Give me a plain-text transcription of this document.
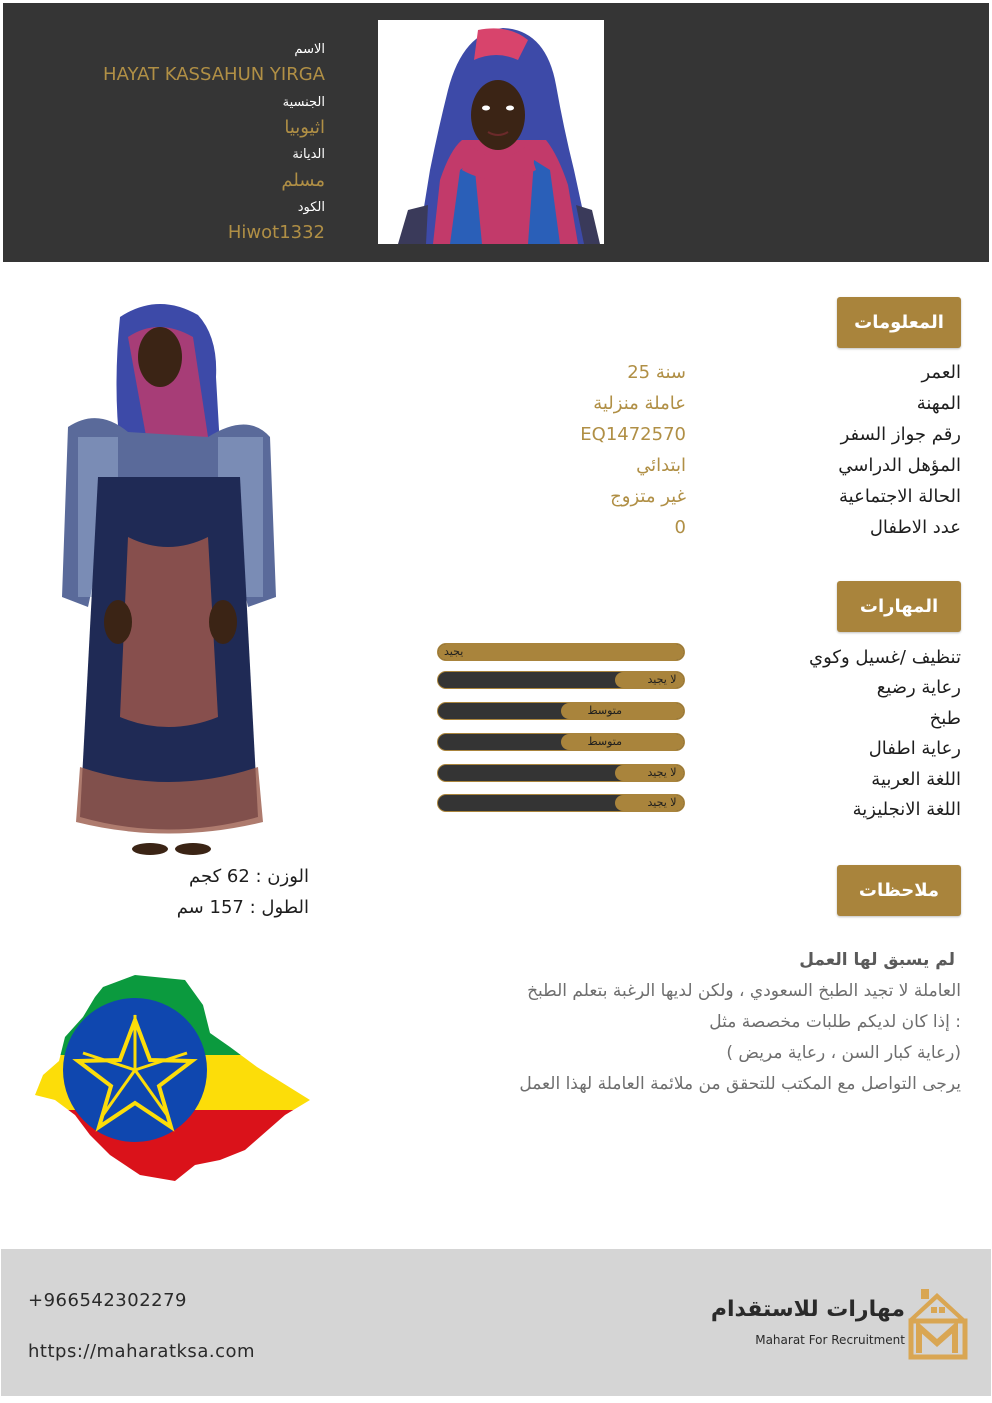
الاسم
HAYAT KASSAHUN YIRGA
الجنسية
اثيوبيا
الديانة
مسلم
الكود
Hiwot1332
المعلومات
العمر
25 سنة
المهنة
عاملة منزلية
رقم جواز السفر
EQ1472570
المؤهل الدراسي
ابتدائي
الحالة الاجتماعية
غير متزوج
عدد الاطفال
0
المهارات
تنظيف /غسيل وكوي
يجيد
رعاية رضيع
لا يجيد
طبخ
متوسط
رعاية اطفال
متوسط
اللغة العربية
لا يجيد
اللغة الانجليزية
لا يجيد
ملاحظات
لم يسبق لها العمل
العاملة لا تجيد الطبخ السعودي ، ولكن لديها الرغبة بتعلم الطبخ
إذا كان لديكم طلبات مخصصة مثل :
( رعاية كبار السن ، رعاية مريض)
يرجى التواصل مع المكتب للتحقق من ملائمة العاملة لهذا العمل
الوزن : 62 كجم
الطول : 157 سم
+966542302279
https://maharatksa.com
مهارات للاستقدام
Maharat For Recruitment
